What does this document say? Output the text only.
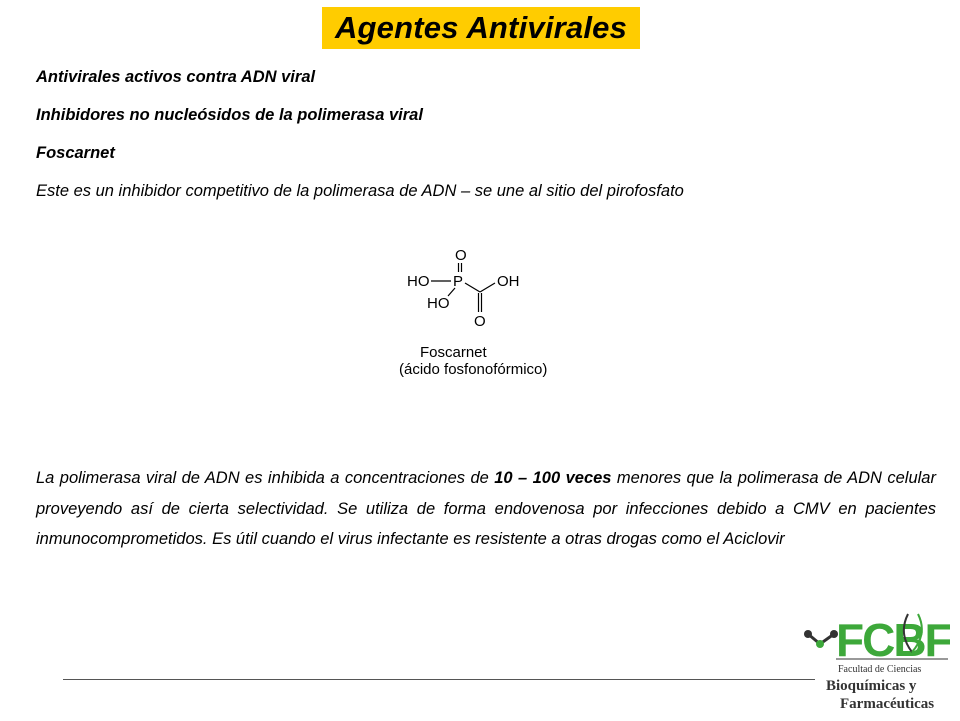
Agentes Antivirales
Antivirales activos contra ADN viral
Inhibidores no nucleósidos de la polimerasa viral
Foscarnet
Este es un inhibidor competitivo de la polimerasa de ADN – se une al sitio del pirofosfato
O
HO P OH
HO
O
Foscarnet
(ácido fosfonofórmico)
La polimerasa viral de ADN es inhibida a concentraciones de 10 – 100 veces menores que la polimerasa de ADN celular proveyendo así de cierta selectividad. Se utiliza de forma endovenosa por infecciones debido a CMV en pacientes inmunocomprometidos. Es útil cuando el virus infectante es resistente a otras drogas como el Aciclovir
FCBF
Facultad de Ciencias
Bioquímicas y
Farmacéuticas
